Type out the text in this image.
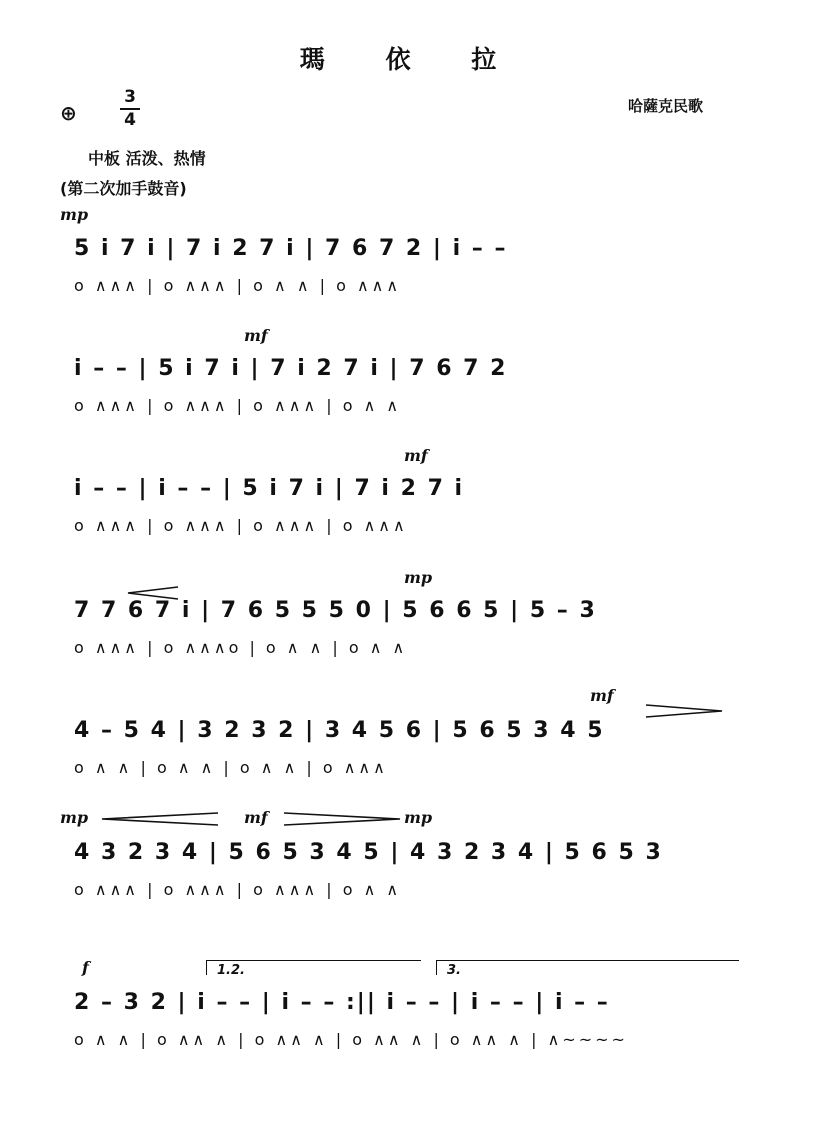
瑪 依 拉
哈薩克民歌
⊕
3
4
中板 活泼、热情
(第二次加手鼓音)
mp
mf
mf
mp
mf
mp	mf	mp
f	1.2.	3.
5 i 7 i | 7 i 2 7 i | 7 6 7 2 | i – –
o ∧∧∧ | o ∧∧∧ | o ∧ ∧ | o ∧∧∧
i – – | 5 i 7 i | 7 i 2 7 i | 7 6 7 2
o ∧∧∧ | o ∧∧∧ | o ∧∧∧ | o ∧ ∧
i – – | i – – | 5 i 7 i | 7 i 2 7 i
o ∧∧∧ | o ∧∧∧ | o ∧∧∧ | o ∧∧∧
7 7 6 7 i | 7 6 5 5 5 0 | 5 6 6 5 | 5 – 3
o ∧∧∧ | o ∧∧∧o | o ∧ ∧ | o ∧ ∧
4 – 5 4 | 3 2 3 2 | 3 4 5 6 | 5 6 5 3 4 5
o ∧ ∧ | o ∧ ∧ | o ∧ ∧ | o ∧∧∧
4 3 2 3 4 | 5 6 5 3 4 5 | 4 3 2 3 4 | 5 6 5 3
o ∧∧∧ | o ∧∧∧ | o ∧∧∧ | o ∧ ∧
2 – 3 2 | i – – | i – – :|| i – – | i – – | i – –
o ∧ ∧ | o ∧∧ ∧ | o ∧∧ ∧ | o ∧∧ ∧ | o ∧∧ ∧ | ∧~~~~
